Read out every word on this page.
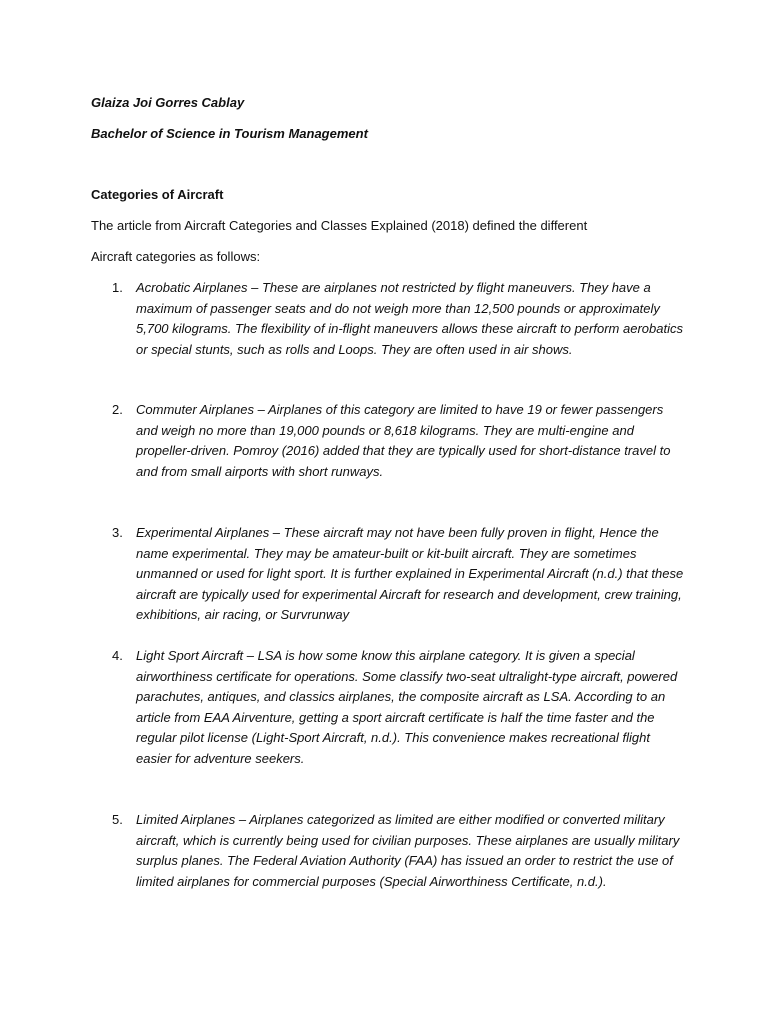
Glaiza Joi Gorres Cablay
Bachelor of Science in Tourism Management
Categories of Aircraft
The article from Aircraft Categories and Classes Explained (2018) defined the different
Aircraft categories as follows:
1. Acrobatic Airplanes – These are airplanes not restricted by flight maneuvers. They have a maximum of passenger seats and do not weigh more than 12,500 pounds or approximately 5,700 kilograms. The flexibility of in-flight maneuvers allows these aircraft to perform aerobatics or special stunts, such as rolls and Loops. They are often used in air shows.
2. Commuter Airplanes – Airplanes of this category are limited to have 19 or fewer passengers and weigh no more than 19,000 pounds or 8,618 kilograms. They are multi-engine and propeller-driven. Pomroy (2016) added that they are typically used for short-distance travel to and from small airports with short runways.
3. Experimental Airplanes – These aircraft may not have been fully proven in flight, Hence the name experimental. They may be amateur-built or kit-built aircraft. They are sometimes unmanned or used for light sport. It is further explained in Experimental Aircraft (n.d.) that these aircraft are typically used for experimental Aircraft for research and development, crew training, exhibitions, air racing, or Survrunway
4. Light Sport Aircraft – LSA is how some know this airplane category. It is given a special airworthiness certificate for operations. Some classify two-seat ultralight-type aircraft, powered parachutes, antiques, and classics airplanes, the composite aircraft as LSA. According to an article from EAA Airventure, getting a sport aircraft certificate is half the time faster and the regular pilot license (Light-Sport Aircraft, n.d.). This convenience makes recreational flight easier for adventure seekers.
5. Limited Airplanes – Airplanes categorized as limited are either modified or converted military aircraft, which is currently being used for civilian purposes. These airplanes are usually military surplus planes. The Federal Aviation Authority (FAA) has issued an order to restrict the use of limited airplanes for commercial purposes (Special Airworthiness Certificate, n.d.).
